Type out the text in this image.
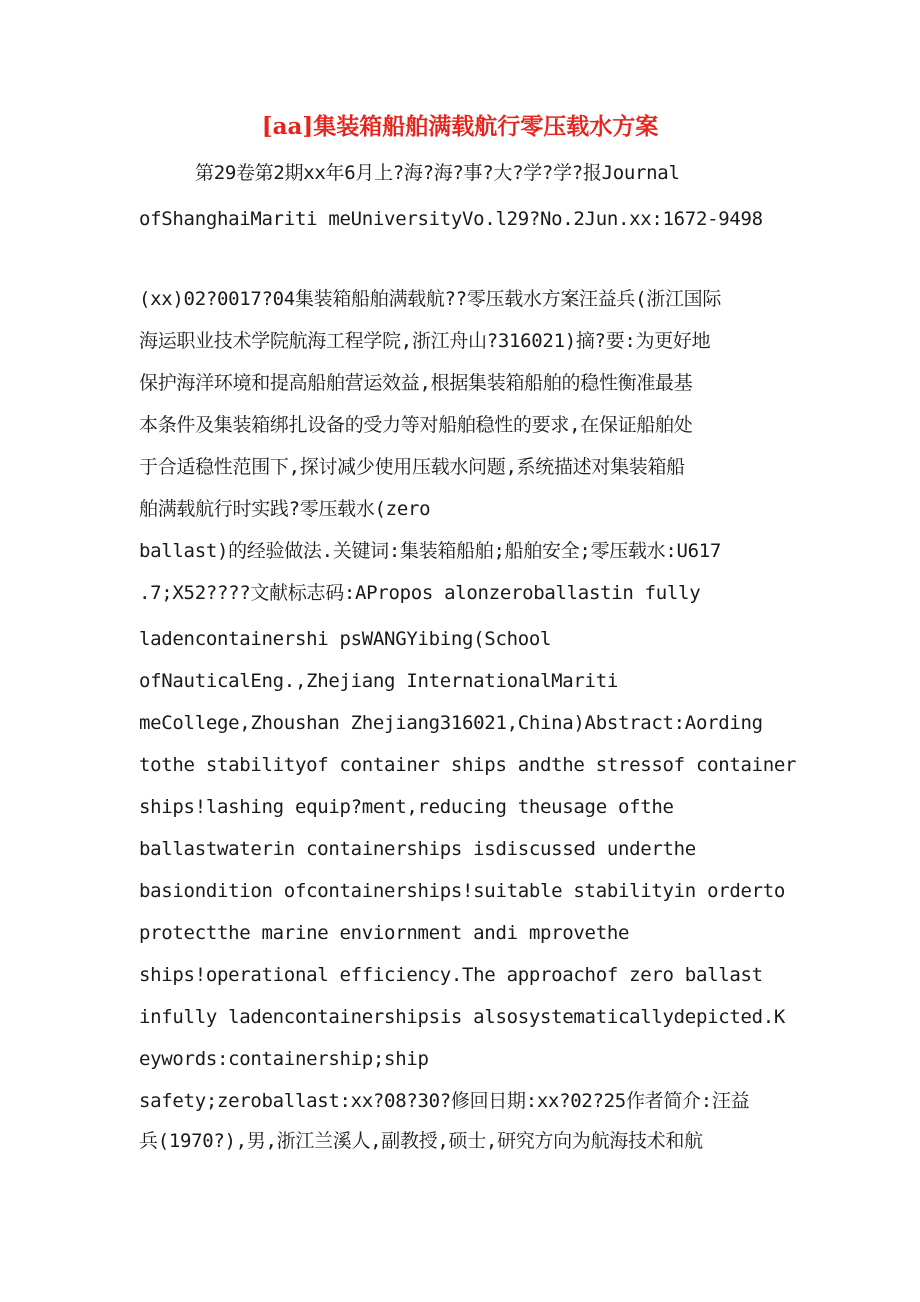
[aa]集装箱船舶满载航行零压载水方案
第29卷第2期xx年6月上?海?海?事?大?学?学?报Journal
ofShanghaiMariti meUniversityVo.l29?No.2Jun.xx:1672-9498
(xx)02?0017?04集装箱船舶满载航??零压载水方案汪益兵(浙江国际
海运职业技术学院航海工程学院,浙江舟山?316021)摘?要:为更好地
保护海洋环境和提高船舶营运效益,根据集装箱船舶的稳性衡准最基
本条件及集装箱绑扎设备的受力等对船舶稳性的要求,在保证船舶处
于合适稳性范围下,探讨减少使用压载水问题,系统描述对集装箱船
舶满载航行时实践?零压载水(zero
ballast)的经验做法.关键词:集装箱船舶;船舶安全;零压载水:U617
.7;X52????文献标志码:APropos alonzeroballastin fully
ladencontainershi psWANGYibing(School
ofNauticalEng.,Zhejiang InternationalMariti
meCollege,Zhoushan Zhejiang316021,China)Abstract:Aording
tothe stabilityof container ships andthe stressof container
ships!lashing equip?ment,reducing theusage ofthe
ballastwaterin containerships isdiscussed underthe
basiondition ofcontainerships!suitable stabilityin orderto
protectthe marine enviornment andi mprovethe
ships!operational efficiency.The approachof zero ballast
infully ladencontainershipsis alsosystematicallydepicted.K
eywords:containership;ship
safety;zeroballast:xx?08?30?修回日期:xx?02?25作者简介:汪益
兵(1970?),男,浙江兰溪人,副教授,硕士,研究方向为航海技术和航
